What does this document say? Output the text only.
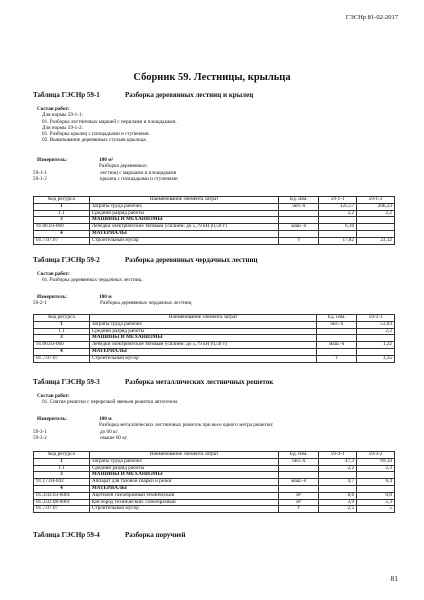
ГЭСНр 81-02-2017
Сборник 59. Лестницы, крыльца
Таблица ГЭСНр 59-1	Разборка деревянных лестниц и крылец
Состав работ:
Для нормы 59-1-1:
01. Разборка лестничных маршей с перилами и площадками.
Для нормы 59-1-2:
01. Разборка крылец с площадками и ступенями.
02. Выкапывание деревянных стульев крыльца.
Измеритель:	100 м²
Разборка деревянных:
59-1-1	лестниц с маршами и площадками
59-1-2	крылец с площадками и ступенями
Код ресурса	Наименование элемента затрат	Ед. изм.	59-1-1	59-1-2
1	Затраты труда рабочих	чел.-ч	125,57	206,23
1.1	Средний разряд работы		2,2	2,2
3	МАШИНЫ И МЕХАНИЗМЫ			
91.06.03-060	Лебедки электрические тяговым усилием: до 5,79 кН (0,59 т)	маш.-ч	6,16	
4	МАТЕРИАЛЫ			
01.7.07.07	Строительный мусор	т	17,82	23,12
Таблица ГЭСНр 59-2	Разборка деревянных чердачных лестниц
Состав работ:
01. Разборка деревянных чердачных лестниц.
Измеритель:	100 м
59-2-1	Разборка деревянных чердачных лестниц
Код ресурса	Наименование элемента затрат	Ед. изм.	59-2-1
1	Затраты труда рабочих	чел.-ч	53,83
1.1	Средний разряд работы		2,2
3	МАШИНЫ И МЕХАНИЗМЫ		
91.06.03-060	Лебедки электрические тяговым усилием: до 5,79 кН (0,59 т)	маш.-ч	1,22
4	МАТЕРИАЛЫ		
01.7.07.07	Строительный мусор	т	3,35
Таблица ГЭСНр 59-3	Разборка металлических лестничных решеток
Состав работ:
01. Снятие решетки с перерезкой звеньев решетки автогеном.
Измеритель:	100 м
Разборка металлических лестничных решеток при весе одного метра решетки:
59-3-1	до 60 кг
59-3-2	свыше 60 кг
Код ресурса	Наименование элемента затрат	Ед. изм.	59-3-1	59-3-2
1	Затраты труда рабочих	чел.-ч	47,3	69,34
1.1	Средний разряд работы		2,2	2,3
3	МАШИНЫ И МЕХАНИЗМЫ			
91.17.04-042	Аппарат для газовой сварки и резки	маш.-ч	4,7	6,4
4	МАТЕРИАЛЫ			
01.3.02.03-0001	Ацетилен газообразный технический	м³	0,6	0,8
01.3.02.08-0001	Кислород технический: газообразный	м³	3,9	5,3
01.7.07.07	Строительный мусор	т	2,5	5
Таблица ГЭСНр 59-4	Разборка поручней
81
